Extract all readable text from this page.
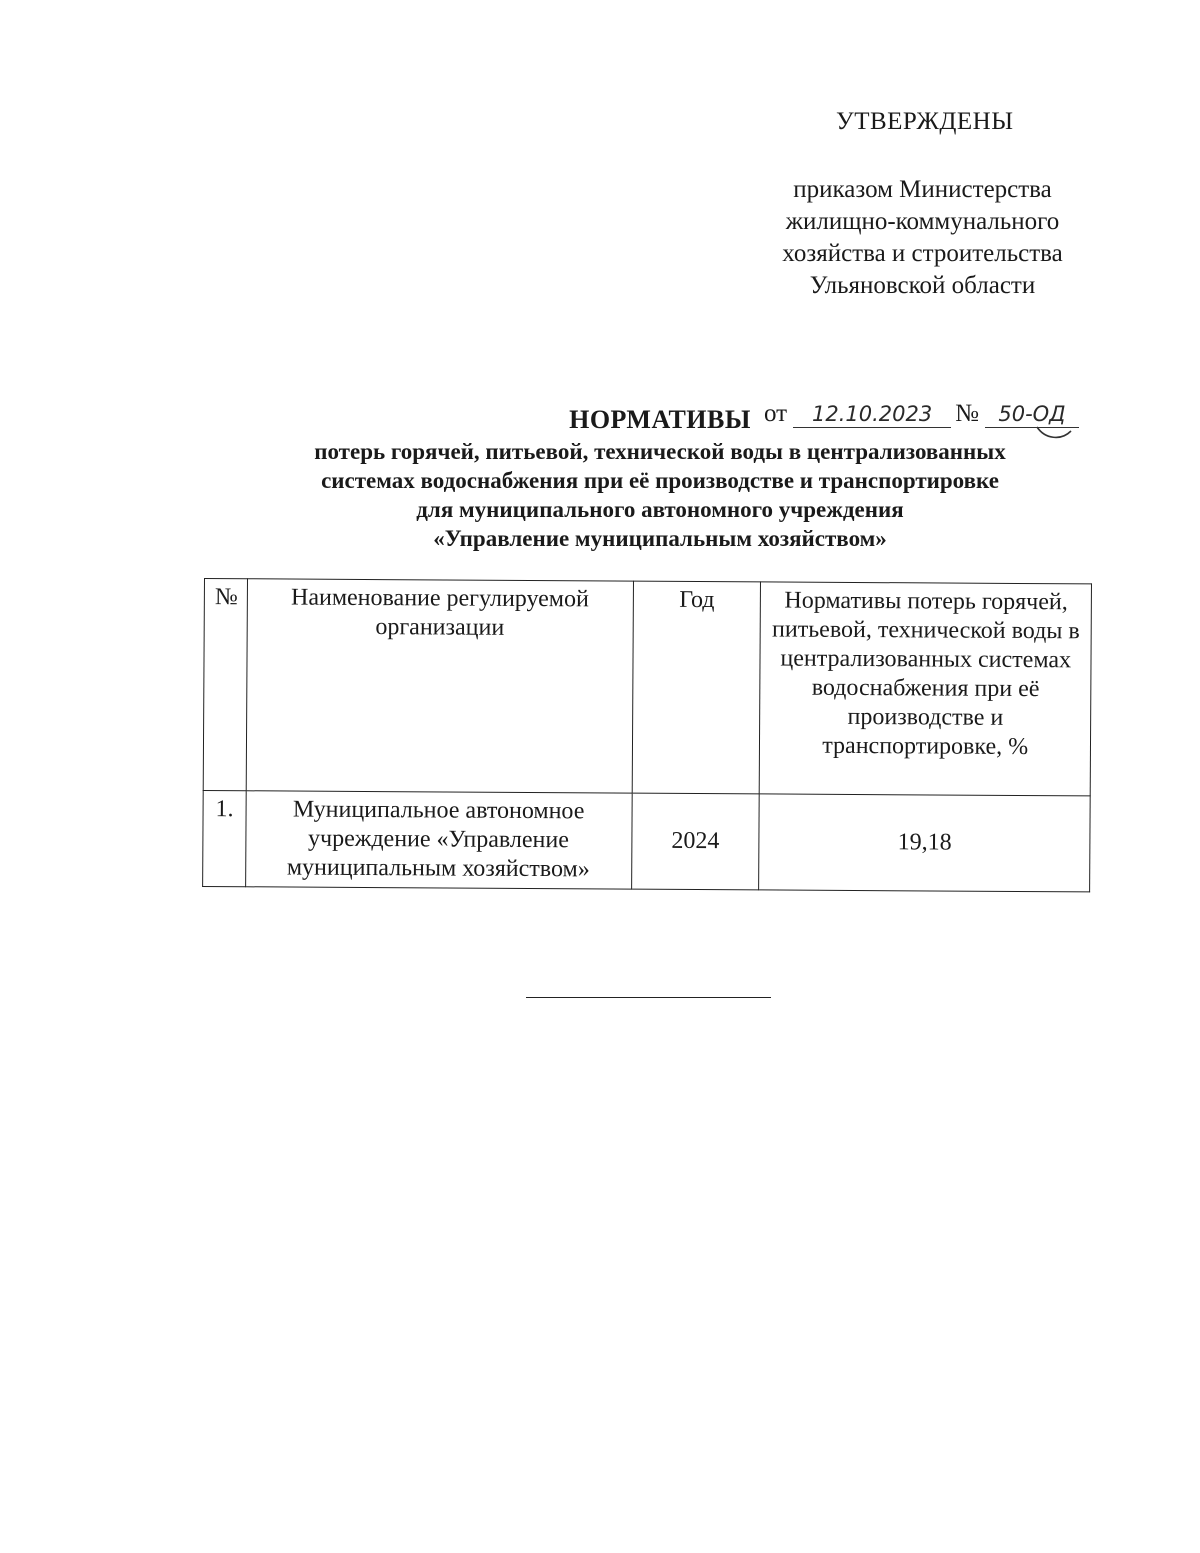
УТВЕРЖДЕНЫ
приказом Министерства
жилищно-коммунального
хозяйства и строительства
Ульяновской области
от 12.10.2023 № 50-ОД
НОРМАТИВЫ
потерь горячей, питьевой, технической воды в централизованных
системах водоснабжения при её производстве и транспортировке
для муниципального автономного учреждения
«Управление муниципальным хозяйством»
№	Наименование регулируемой организации	Год	Нормативы потерь горячей, питьевой, технической воды в централизованных системах водоснабжения при её производстве и транспортировке, %
1.	Муниципальное автономное учреждение «Управление муниципальным хозяйством»	2024	19,18
